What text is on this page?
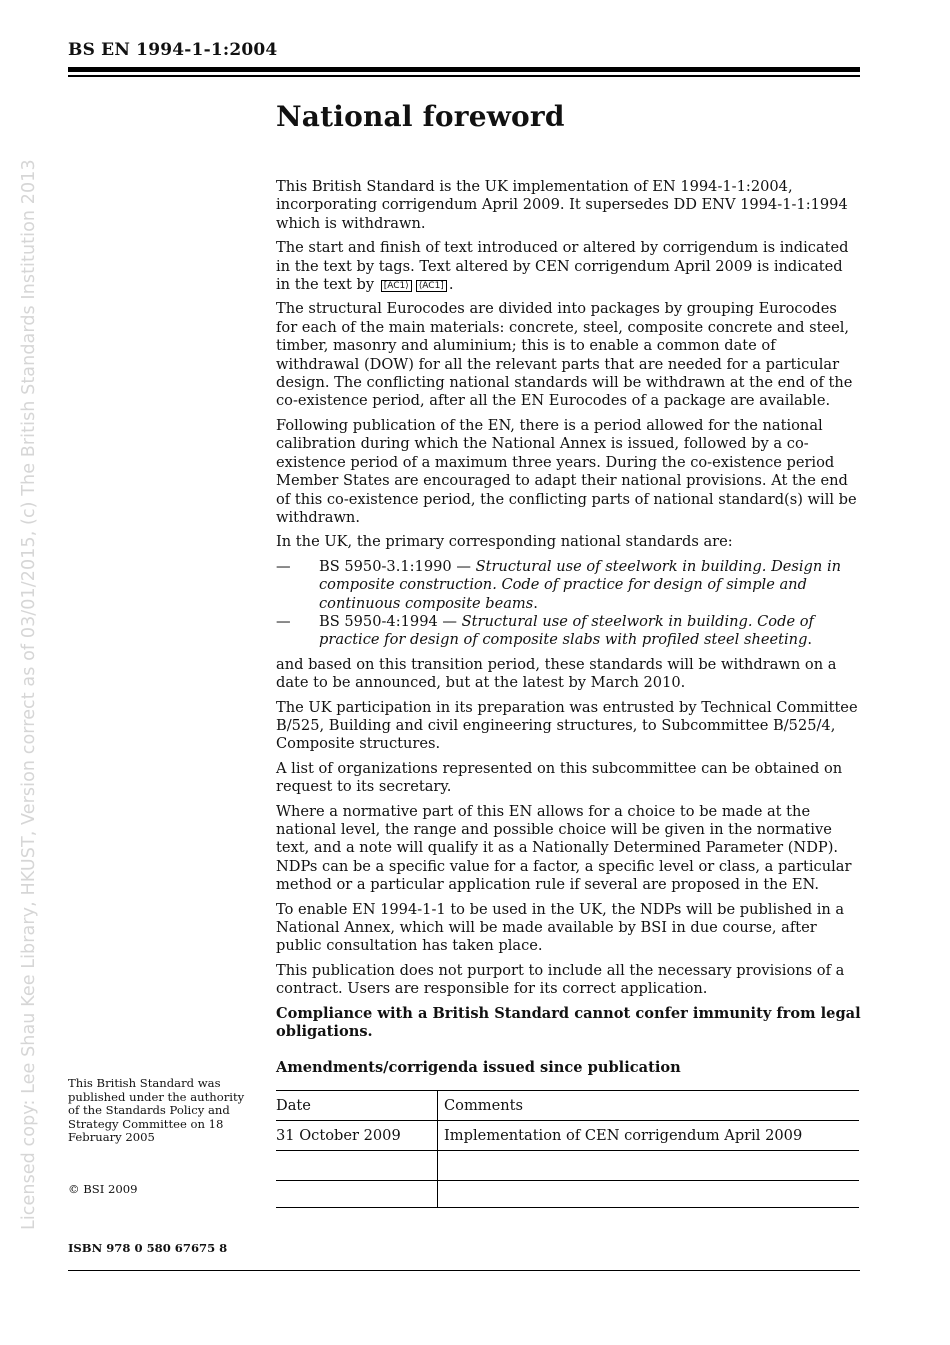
BS EN 1994-1-1:2004
Licensed copy: Lee Shau Kee Library, HKUST, Version correct as of 03/01/2015, (c) The British Standards Institution 2013
National foreword

This British Standard is the UK implementation of EN 1994-1-1:2004, incorporating corrigendum April 2009. It supersedes DD ENV 1994-1-1:1994 which is withdrawn.

The start and finish of text introduced or altered by corrigendum is indicated in the text by tags. Text altered by CEN corrigendum April 2009 is indicated in the text by [AC1⟩ ⟨AC1] .

The structural Eurocodes are divided into packages by grouping Eurocodes for each of the main materials: concrete, steel, composite concrete and steel, timber, masonry and aluminium; this is to enable a common date of withdrawal (DOW) for all the relevant parts that are needed for a particular design. The conflicting national standards will be withdrawn at the end of the co-existence period, after all the EN Eurocodes of a package are available.

Following publication of the EN, there is a period allowed for the national calibration during which the National Annex is issued, followed by a co-existence period of a maximum three years. During the co-existence period Member States are encouraged to adapt their national provisions. At the end of this co-existence period, the conflicting parts of national standard(s) will be withdrawn.

In the UK, the primary corresponding national standards are:

— BS 5950-3.1:1990 — Structural use of steelwork in building. Design in composite construction. Code of practice for design of simple and continuous composite beams.
— BS 5950-4:1994 — Structural use of steelwork in building. Code of practice for design of composite slabs with profiled steel sheeting.

and based on this transition period, these standards will be withdrawn on a date to be announced, but at the latest by March 2010.

The UK participation in its preparation was entrusted by Technical Committee B/525, Building and civil engineering structures, to Subcommittee B/525/4, Composite structures.

A list of organizations represented on this subcommittee can be obtained on request to its secretary.

Where a normative part of this EN allows for a choice to be made at the national level, the range and possible choice will be given in the normative text, and a note will qualify it as a Nationally Determined Parameter (NDP). NDPs can be a specific value for a factor, a specific level or class, a particular method or a particular application rule if several are proposed in the EN.

To enable EN 1994-1-1 to be used in the UK, the NDPs will be published in a National Annex, which will be made available by BSI in due course, after public consultation has taken place.

This publication does not purport to include all the necessary provisions of a contract. Users are responsible for its correct application.

Compliance with a British Standard cannot confer immunity from legal obligations.

Amendments/corrigenda issued since publication

Date	Comments
31 October 2009	Implementation of CEN corrigendum April 2009

This British Standard was published under the authority of the Standards Policy and Strategy Committee on 18 February 2005
© BSI 2009
ISBN 978 0 580 67675 8
